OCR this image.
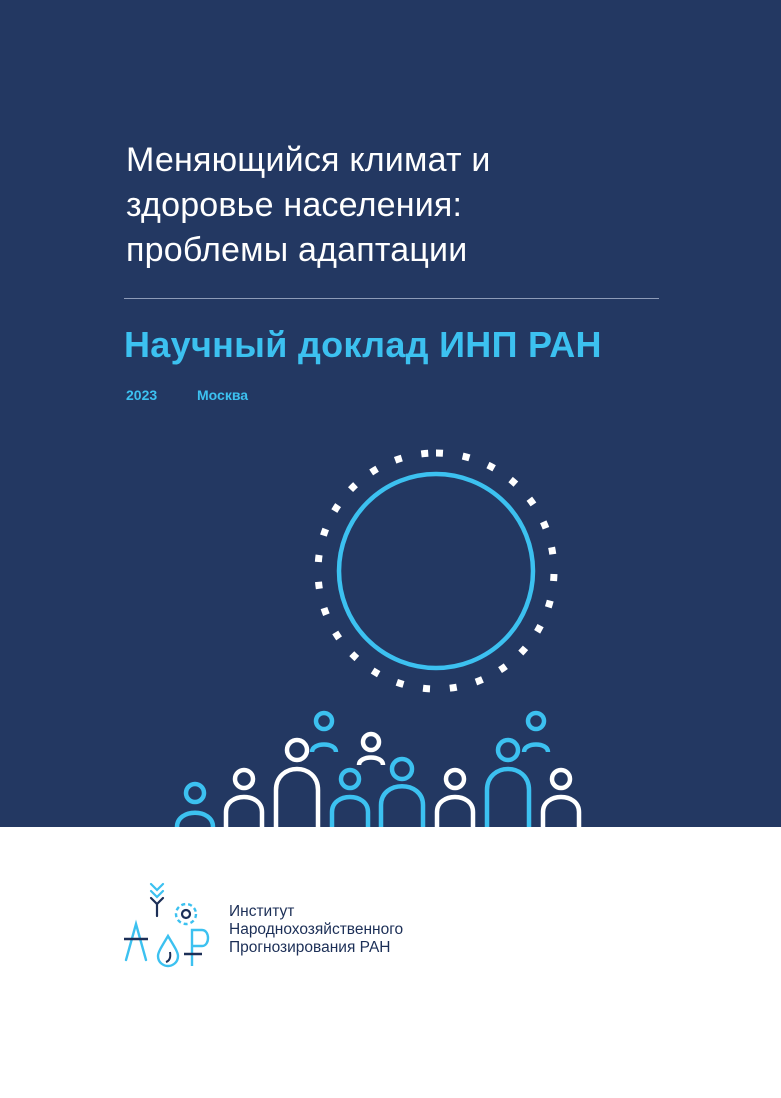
Меняющийся климат и
здоровье населения:
проблемы адаптации
Научный доклад ИНП РАН
2023	Москва
Институт
Народнохозяйственного
Прогнозирования РАН
